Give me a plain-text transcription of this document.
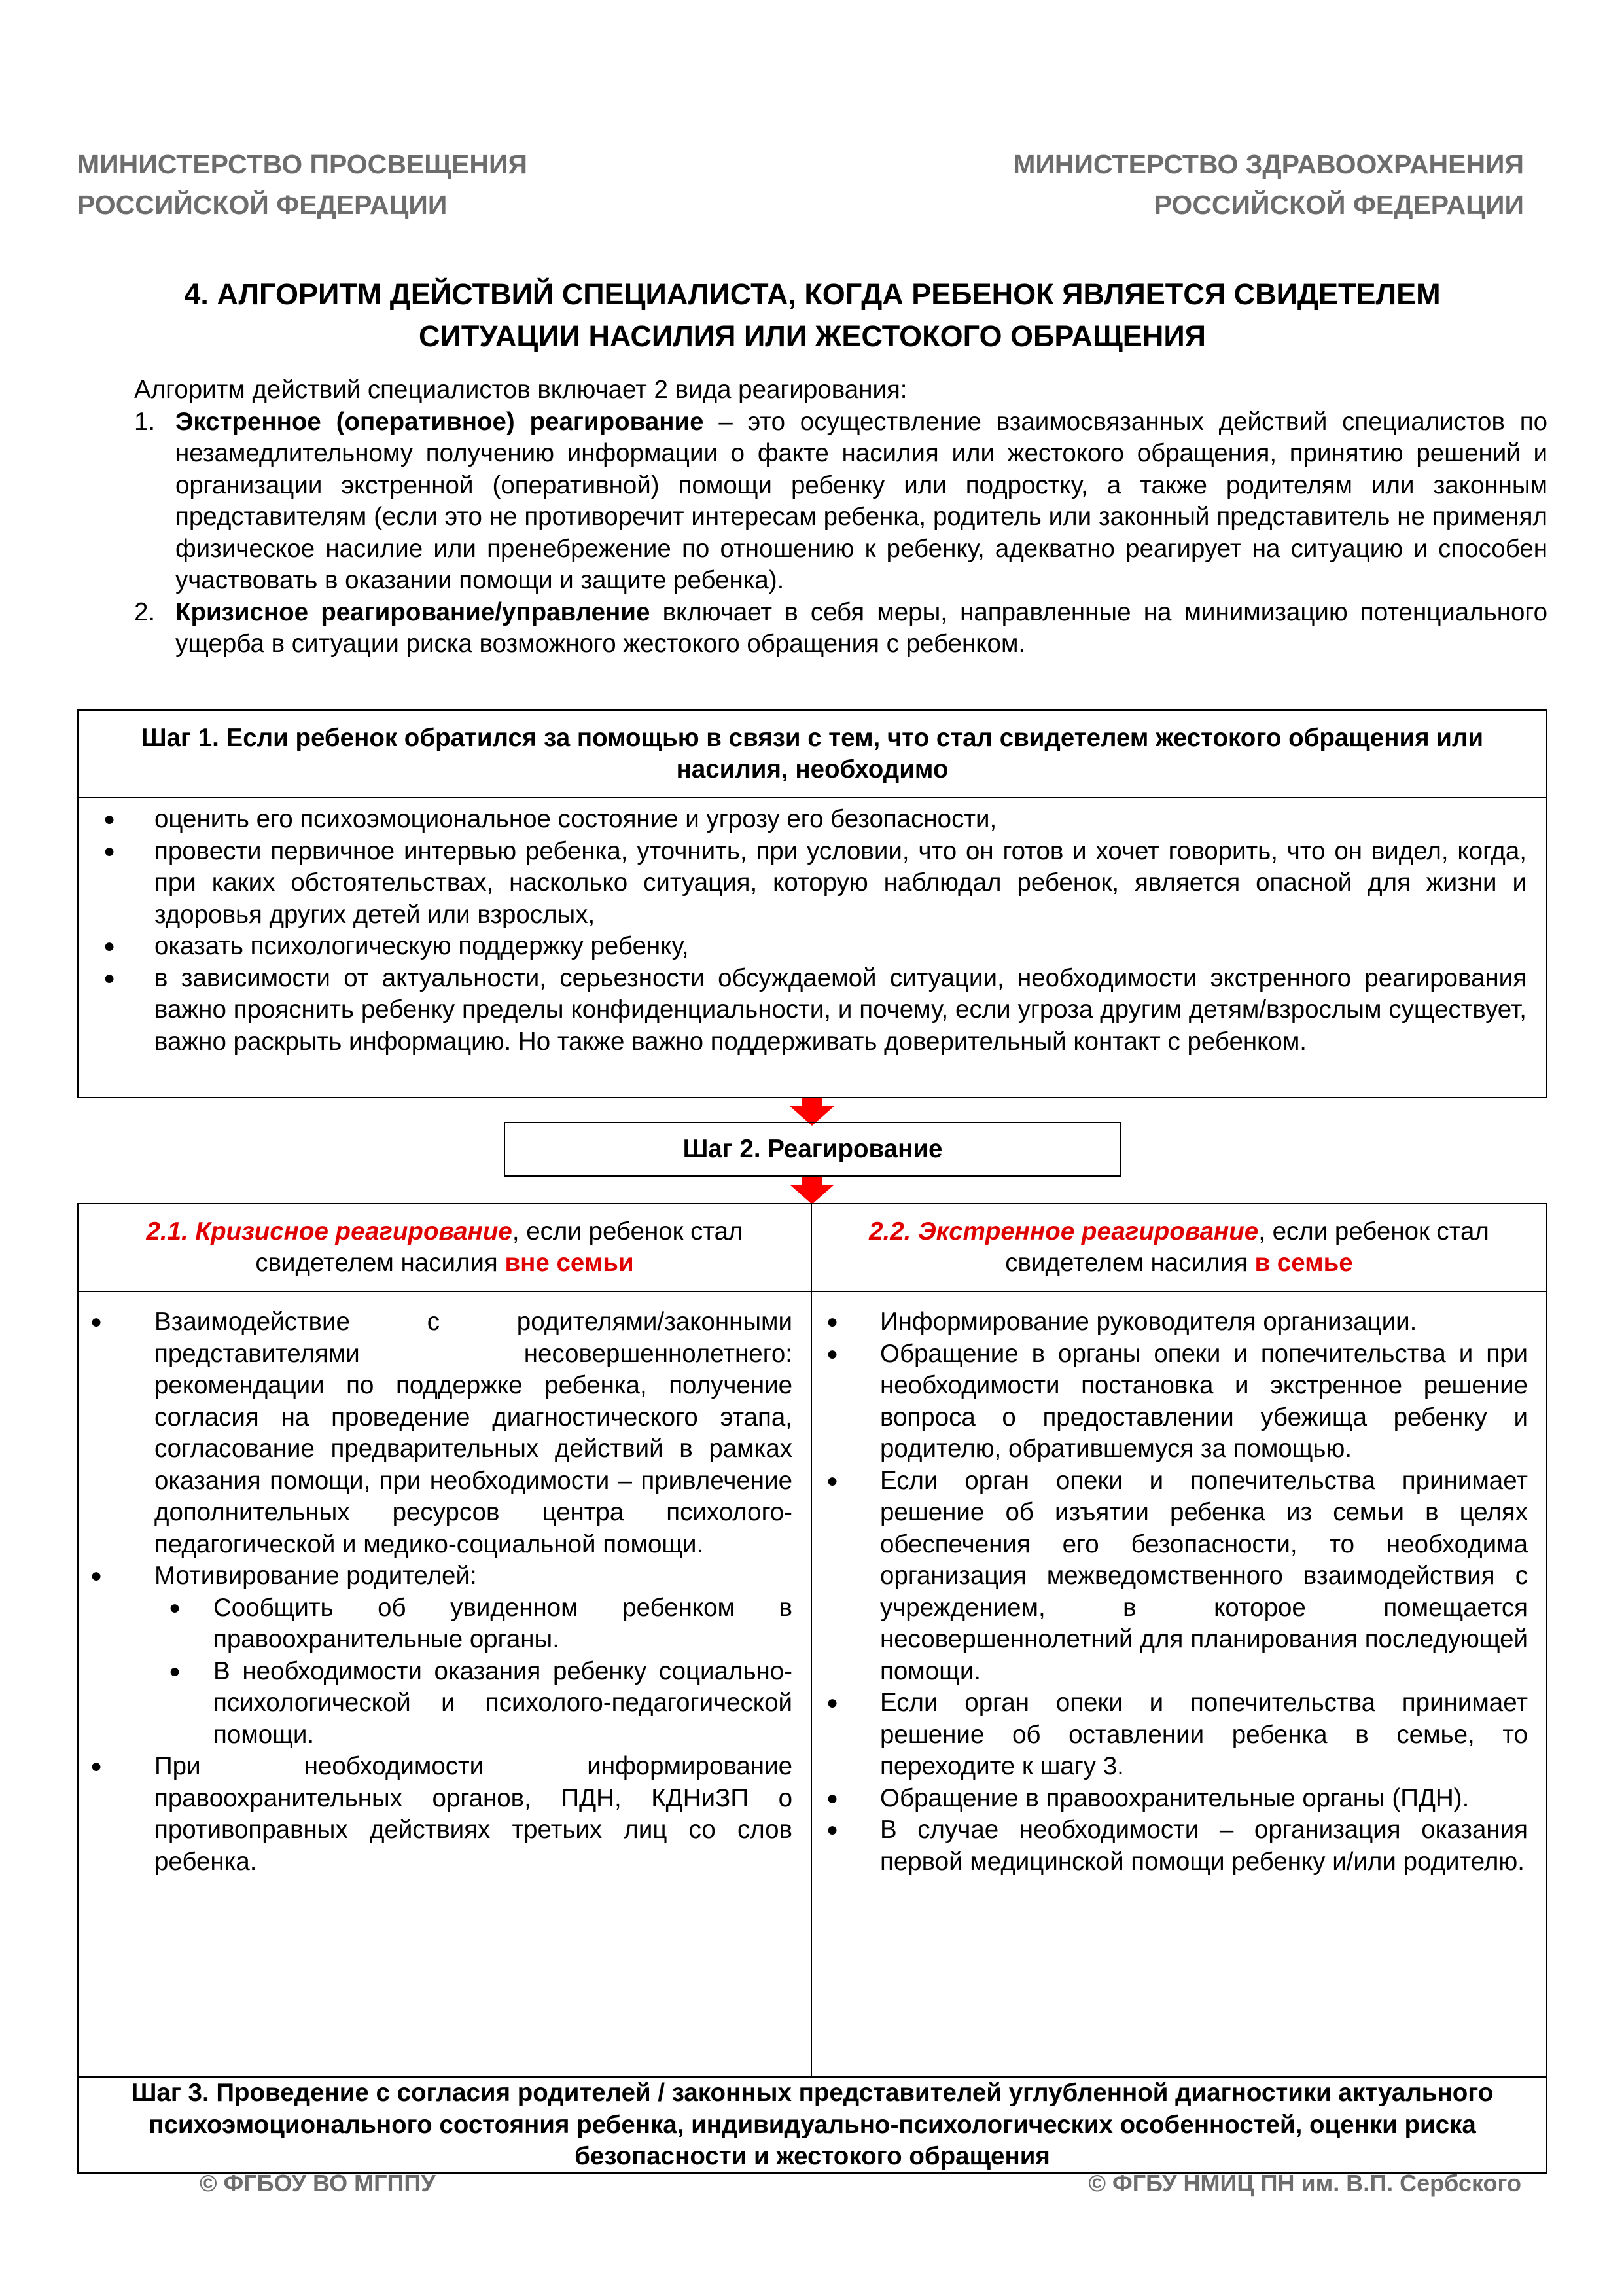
МИНИСТЕРСТВО ПРОСВЕЩЕНИЯ
РОССИЙСКОЙ ФЕДЕРАЦИИ
МИНИСТЕРСТВО ЗДРАВООХРАНЕНИЯ
РОССИЙСКОЙ ФЕДЕРАЦИИ
4. АЛГОРИТМ ДЕЙСТВИЙ СПЕЦИАЛИСТА, КОГДА РЕБЕНОК ЯВЛЯЕТСЯ СВИДЕТЕЛЕМ
СИТУАЦИИ НАСИЛИЯ ИЛИ ЖЕСТОКОГО ОБРАЩЕНИЯ

Алгоритм действий специалистов включает 2 вида реагирования:

1. Экстренное (оперативное) реагирование – это осуществление взаимосвязанных действий специалистов по незамедлительному получению информации о факте насилия или жестокого обращения, принятию решений и организации экстренной (оперативной) помощи ребенку или подростку, а также родителям или законным представителям (если это не противоречит интересам ребенка, родитель или законный представитель не применял физическое насилие или пренебрежение по отношению к ребенку, адекватно реагирует на ситуацию и способен участвовать в оказании помощи и защите ребенка).
2. Кризисное реагирование/управление включает в себя меры, направленные на минимизацию потенциального ущерба в ситуации риска возможного жестокого обращения с ребенком.
Шаг 1. Если ребенок обратился за помощью в связи с тем, что стал свидетелем жестокого обращения или насилия, необходимо
● оценить его психоэмоциональное состояние и угрозу его безопасности,
● провести первичное интервью ребенка, уточнить, при условии, что он готов и хочет говорить, что он видел, когда, при каких обстоятельствах, насколько ситуация, которую наблюдал ребенок, является опасной для жизни и здоровья других детей или взрослых,
● оказать психологическую поддержку ребенку,
● в зависимости от актуальности, серьезности обсуждаемой ситуации, необходимости экстренного реагирования важно прояснить ребенку пределы конфиденциальности, и почему, если угроза другим детям/взрослым существует, важно раскрыть информацию. Но также важно поддерживать доверительный контакт с ребенком.
Шаг 2. Реагирование
2.1. Кризисное реагирование, если ребенок стал свидетелем насилия вне семьи
● Взаимодействие с родителями/законными представителями несовершеннолетнего: рекомендации по поддержке ребенка, получение согласия на проведение диагностического этапа, согласование предварительных действий в рамках оказания помощи, при необходимости – привлечение дополнительных ресурсов центра психолого-педагогической и медико-социальной помощи.
● Мотивирование родителей:
● Сообщить об увиденном ребенком в правоохранительные органы.
● В необходимости оказания ребенку социально-психологической и психолого-педагогической помощи.
● При необходимости информирование правоохранительных органов, ПДН, КДНиЗП о противоправных действиях третьих лиц со слов ребенка.
2.2. Экстренное реагирование, если ребенок стал свидетелем насилия в семье
● Информирование руководителя организации.
● Обращение в органы опеки и попечительства и при необходимости постановка и экстренное решение вопроса о предоставлении убежища ребенку и родителю, обратившемуся за помощью.
● Если орган опеки и попечительства принимает решение об изъятии ребенка из семьи в целях обеспечения его безопасности, то необходима организация межведомственного взаимодействия с учреждением, в которое помещается несовершеннолетний для планирования последующей помощи.
● Если орган опеки и попечительства принимает решение об оставлении ребенка в семье, то переходите к шагу 3.
● Обращение в правоохранительные органы (ПДН).
● В случае необходимости – организация оказания первой медицинской помощи ребенку и/или родителю.
Шаг 3. Проведение с согласия родителей / законных представителей углубленной диагностики актуального психоэмоционального состояния ребенка, индивидуально-психологических особенностей, оценки риска безопасности и жестокого обращения
© ФГБОУ ВО МГППУ	© ФГБУ НМИЦ ПН им. В.П. Сербского
